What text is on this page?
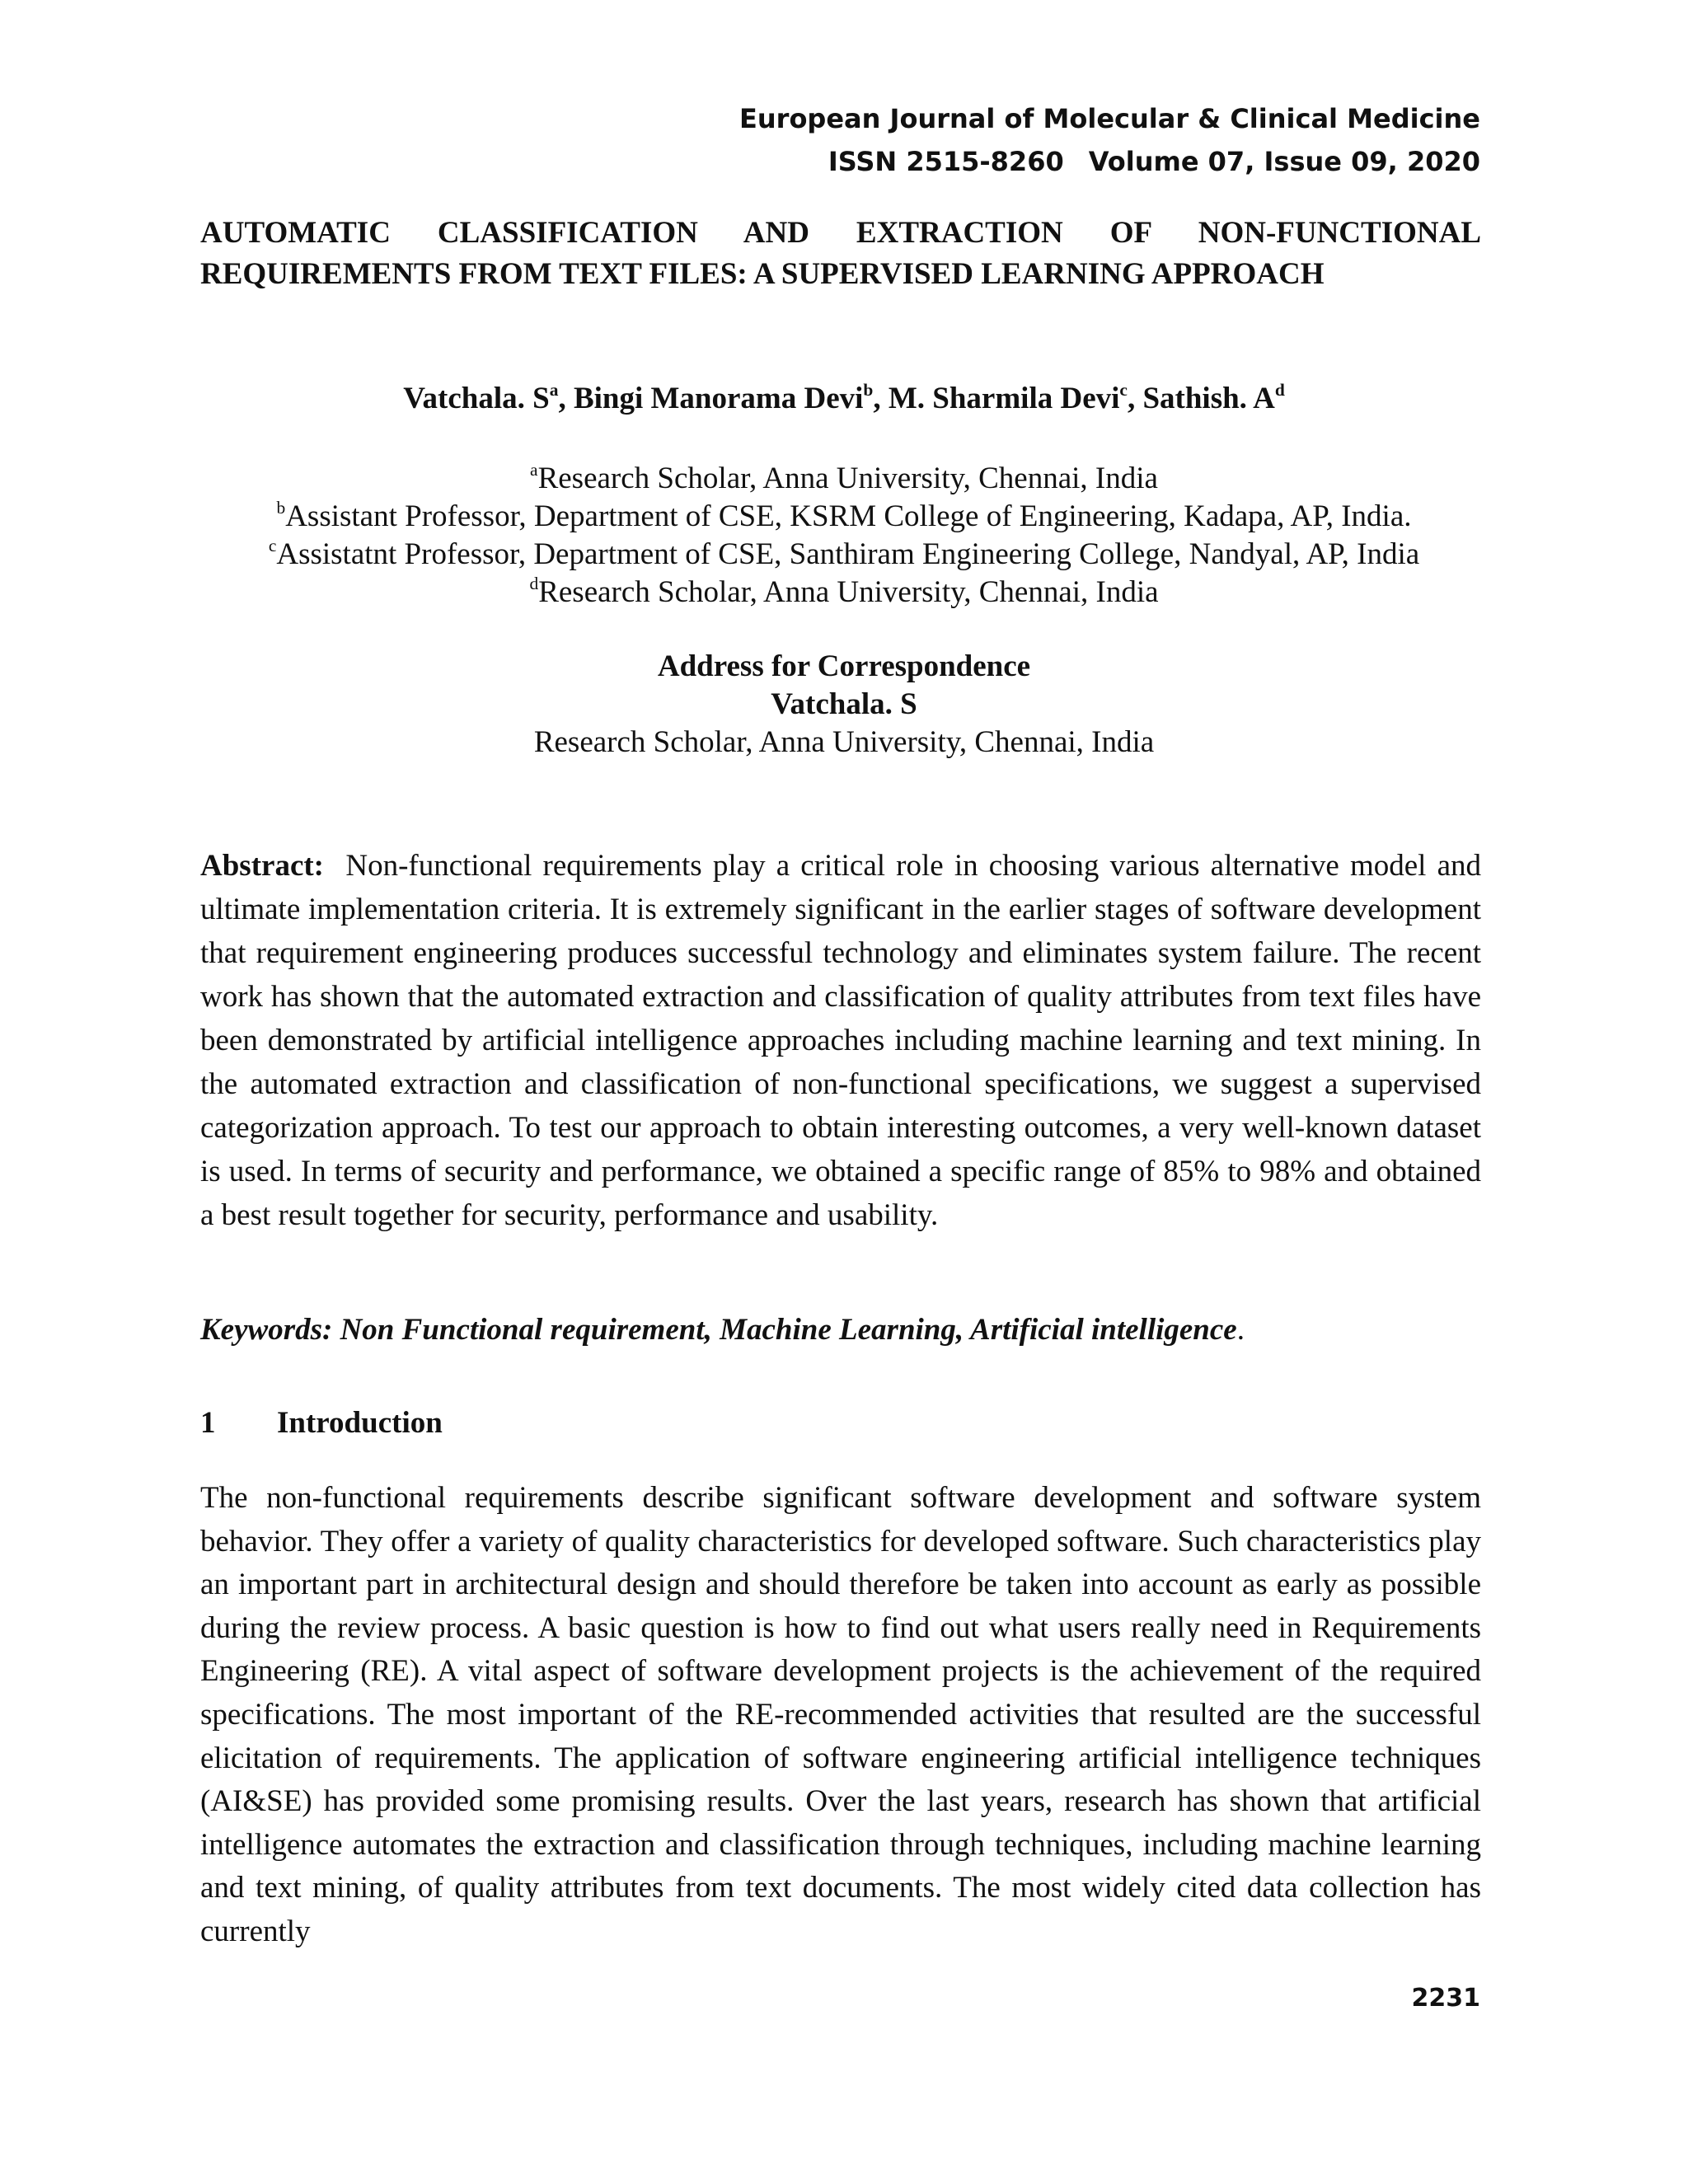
European Journal of Molecular & Clinical Medicine
ISSN 2515-8260 Volume 07, Issue 09, 2020
AUTOMATIC CLASSIFICATION AND EXTRACTION OF NON-FUNCTIONAL
REQUIREMENTS FROM TEXT FILES: A SUPERVISED LEARNING APPROACH
Vatchala. $S^a$, Bingi Manorama Devi$^b$, M. Sharmila Devi$^c$, Sathish. $A^d$
$^a$Research Scholar, Anna University, Chennai, India
$^b$Assistant Professor, Department of CSE, KSRM College of Engineering, Kadapa, AP, India.
$^c$Assistatnt Professor, Department of CSE, Santhiram Engineering College, Nandyal, AP, India
$^d$Research Scholar, Anna University, Chennai, India
Address for Correspondence
Vatchala. S
Research Scholar, Anna University, Chennai, India

Abstract: Non-functional requirements play a critical role in choosing various alternative model and ultimate implementation criteria. It is extremely significant in the earlier stages of software development that requirement engineering produces successful technology and eliminates system failure. The recent work has shown that the automated extraction and classification of quality attributes from text files have been demonstrated by artificial intelligence approaches including machine learning and text mining. In the automated extraction and classification of non-functional specifications, we suggest a supervised categorization approach. To test our approach to obtain interesting outcomes, a very well-known dataset is used. In terms of security and performance, we obtained a specific range of 85% to 98% and obtained a best result together for security, performance and usability.

Keywords: Non Functional requirement, Machine Learning, Artificial intelligence.

1 Introduction

The non-functional requirements describe significant software development and software system behavior. They offer a variety of quality characteristics for developed software. Such characteristics play an important part in architectural design and should therefore be taken into account as early as possible during the review process. A basic question is how to find out what users really need in Requirements Engineering (RE). A vital aspect of software development projects is the achievement of the required specifications. The most important of the RE-recommended activities that resulted are the successful elicitation of requirements. The application of software engineering artificial intelligence techniques (AI&SE) has provided some promising results. Over the last years, research has shown that artificial intelligence automates the extraction and classification through techniques, including machine learning and text mining, of quality attributes from text documents. The most widely cited data collection has currently

2231
